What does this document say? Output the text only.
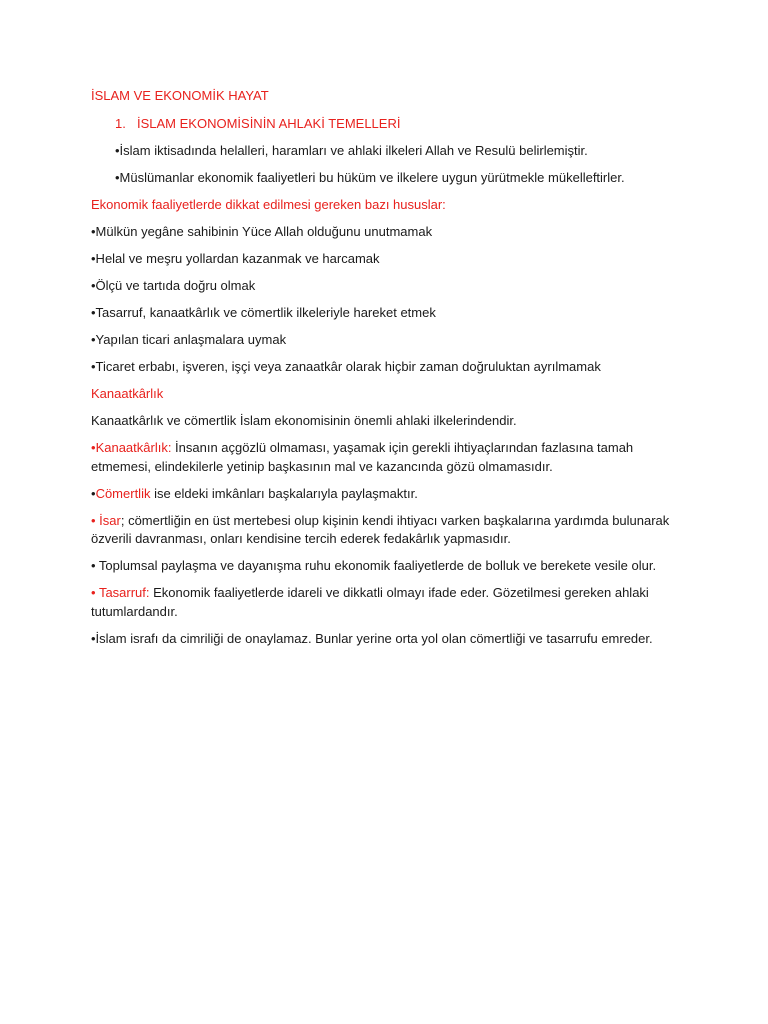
İSLAM VE EKONOMİK HAYAT
1. İSLAM EKONOMİSİNİN AHLAKİ TEMELLERİ
•İslam iktisadında helalleri, haramları ve ahlaki ilkeleri Allah ve Resulü belirlemiştir.
•Müslümanlar ekonomik faaliyetleri bu hüküm ve ilkelere uygun yürütmekle mükelleftirler.
Ekonomik faaliyetlerde dikkat edilmesi gereken bazı hususlar:
•Mülkün yegâne sahibinin Yüce Allah olduğunu unutmamak
•Helal ve meşru yollardan kazanmak ve harcamak
•Ölçü ve tartıda doğru olmak
•Tasarruf, kanaatkârlık ve cömertlik ilkeleriyle hareket etmek
•Yapılan ticari anlaşmalara uymak
•Ticaret erbabı, işveren, işçi veya zanaatkâr olarak hiçbir zaman doğruluktan ayrılmamak
Kanaatkârlık
Kanaatkârlık ve cömertlik İslam ekonomisinin önemli ahlaki ilkelerindendir.
•Kanaatkârlık: İnsanın açgözlü olmaması, yaşamak için gerekli ihtiyaçlarından fazlasına tamah etmemesi, elindekilerle yetinip başkasının mal ve kazancında gözü olmamasıdır.
•Cömertlik ise eldeki imkânları başkalarıyla paylaşmaktır.
• İsar; cömertliğin en üst mertebesi olup kişinin kendi ihtiyacı varken başkalarına yardımda bulunarak özverili davranması, onları kendisine tercih ederek fedakârlık yapmasıdır.
• Toplumsal paylaşma ve dayanışma ruhu ekonomik faaliyetlerde de bolluk ve berekete vesile olur.
• Tasarruf: Ekonomik faaliyetlerde idareli ve dikkatli olmayı ifade eder. Gözetilmesi gereken ahlaki tutumlardandır.
•İslam israfı da cimriliği de onaylamaz. Bunlar yerine orta yol olan cömertliği ve tasarrufu emreder.
